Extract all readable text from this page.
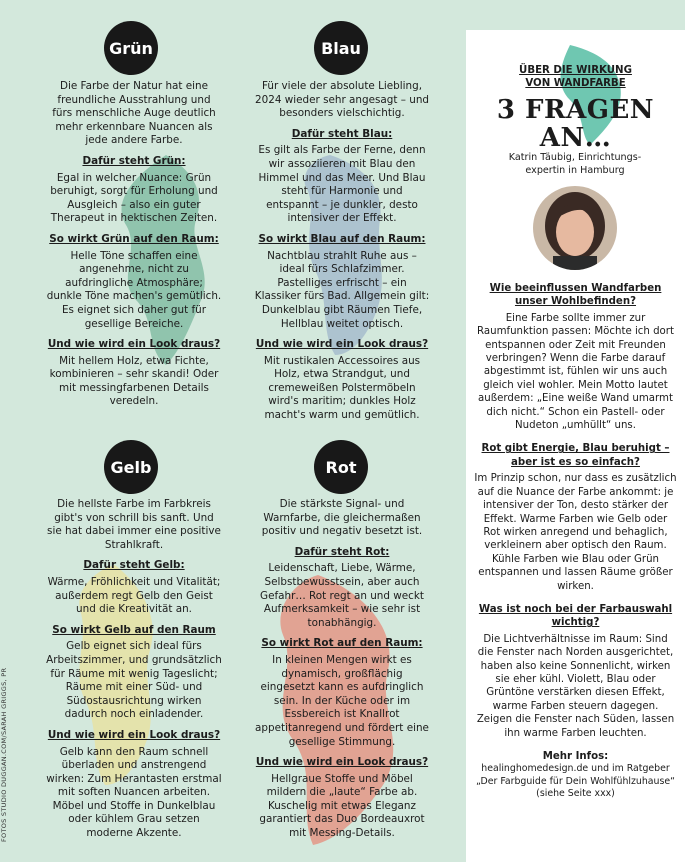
Grün

Die Farbe der Natur hat eine freundliche Ausstrahlung und fürs menschliche Auge deutlich mehr erkennbare Nuancen als jede andere Farbe.

Dafür steht Grün:

Egal in welcher Nuance: Grün beruhigt, sorgt für Erholung und Ausgleich – also ein guter Therapeut in hektischen Zeiten.

So wirkt Grün auf den Raum:

Helle Töne schaffen eine angenehme, nicht zu aufdringliche Atmosphäre; dunkle Töne machen's gemütlich. Es eignet sich daher gut für gesellige Bereiche.

Und wie wird ein Look draus?

Mit hellem Holz, etwa Fichte, kombinieren – sehr skandi! Oder mit messingfarbenen Details veredeln.

Blau

Für viele der absolute Liebling, 2024 wieder sehr angesagt – und besonders vielschichtig.

Dafür steht Blau:

Es gilt als Farbe der Ferne, denn wir assoziieren mit Blau den Himmel und das Meer. Und Blau steht für Harmonie und entspannt – je dunkler, desto intensiver der Effekt.

So wirkt Blau auf den Raum:

Nachtblau strahlt Ruhe aus – ideal fürs Schlafzimmer. Pastelliges erfrischt – ein Klassiker fürs Bad. Allgemein gilt: Dunkelblau gibt Räumen Tiefe, Hellblau weitet optisch.

Und wie wird ein Look draus?

Mit rustikalen Accessoires aus Holz, etwa Strandgut, und cremeweißen Polstermöbeln wird's maritim; dunkles Holz macht's warm und gemütlich.

Gelb

Die hellste Farbe im Farbkreis gibt's von schrill bis sanft. Und sie hat dabei immer eine positive Strahlkraft.

Dafür steht Gelb:

Wärme, Fröhlichkeit und Vitalität; außerdem regt Gelb den Geist und die Kreativität an.

So wirkt Gelb auf den Raum

Gelb eignet sich ideal fürs Arbeitszimmer, und grundsätzlich für Räume mit wenig Tageslicht; Räume mit einer Süd- und Südostausrichtung wirken dadurch noch einladender.

Und wie wird ein Look draus?

Gelb kann den Raum schnell überladen und anstrengend wirken: Zum Herantasten erstmal mit soften Nuancen arbeiten. Möbel und Stoffe in Dunkelblau oder kühlem Grau setzen moderne Akzente.

Rot

Die stärkste Signal- und Warnfarbe, die gleichermaßen positiv und negativ besetzt ist.

Dafür steht Rot:

Leidenschaft, Liebe, Wärme, Selbstbewusstsein, aber auch Gefahr… Rot regt an und weckt Aufmerksamkeit – wie sehr ist tonabhängig.

So wirkt Rot auf den Raum:

In kleinen Mengen wirkt es dynamisch, großflächig eingesetzt kann es aufdringlich sein. In der Küche oder im Essbereich ist Knallrot appetitanregend und fördert eine gesellige Stimmung.

Und wie wird ein Look draus?

Hellgraue Stoffe und Möbel mildern die „laute“ Farbe ab. Kuschelig mit etwas Eleganz garantiert das Duo Bordeauxrot mit Messing-Details.

ÜBER DIE WIRKUNG
VON WANDFARBE
3 FRAGEN
AN…
Katrin Täubig, Einrichtungs-expertin in Hamburg
Wie beeinflussen Wandfarben unser Wohlbefinden?

Eine Farbe sollte immer zur Raumfunktion passen: Möchte ich dort entspannen oder Zeit mit Freunden verbringen? Wenn die Farbe darauf abgestimmt ist, fühlen wir uns auch gleich viel wohler. Mein Motto lautet außerdem: „Eine weiße Wand umarmt dich nicht.“ Schon ein Pastell- oder Nudeton „umhüllt“ uns.

Rot gibt Energie, Blau beruhigt – aber ist es so einfach?

Im Prinzip schon, nur dass es zusätzlich auf die Nuance der Farbe ankommt: je intensiver der Ton, desto stärker der Effekt. Warme Farben wie Gelb oder Rot wirken anregend und behaglich, verkleinern aber optisch den Raum. Kühle Farben wie Blau oder Grün entspannen und lassen Räume größer wirken.

Was ist noch bei der Farbauswahl wichtig?

Die Lichtverhältnisse im Raum: Sind die Fenster nach Norden ausgerichtet, haben also keine Sonnenlicht, wirken sie eher kühl. Violett, Blau oder Grüntöne verstärken diesen Effekt, warme Farben steuern dagegen. Zeigen die Fenster nach Süden, lassen ihn warme Farben leuchten.

Mehr Infos:

healinghomedesign.de und im Ratgeber „Der Farbguide für Dein Wohlfühlzuhause“ (siehe Seite xxx)

FOTOS STUDIO DUGGAN.COM/SARAH GRIGGS, PR
